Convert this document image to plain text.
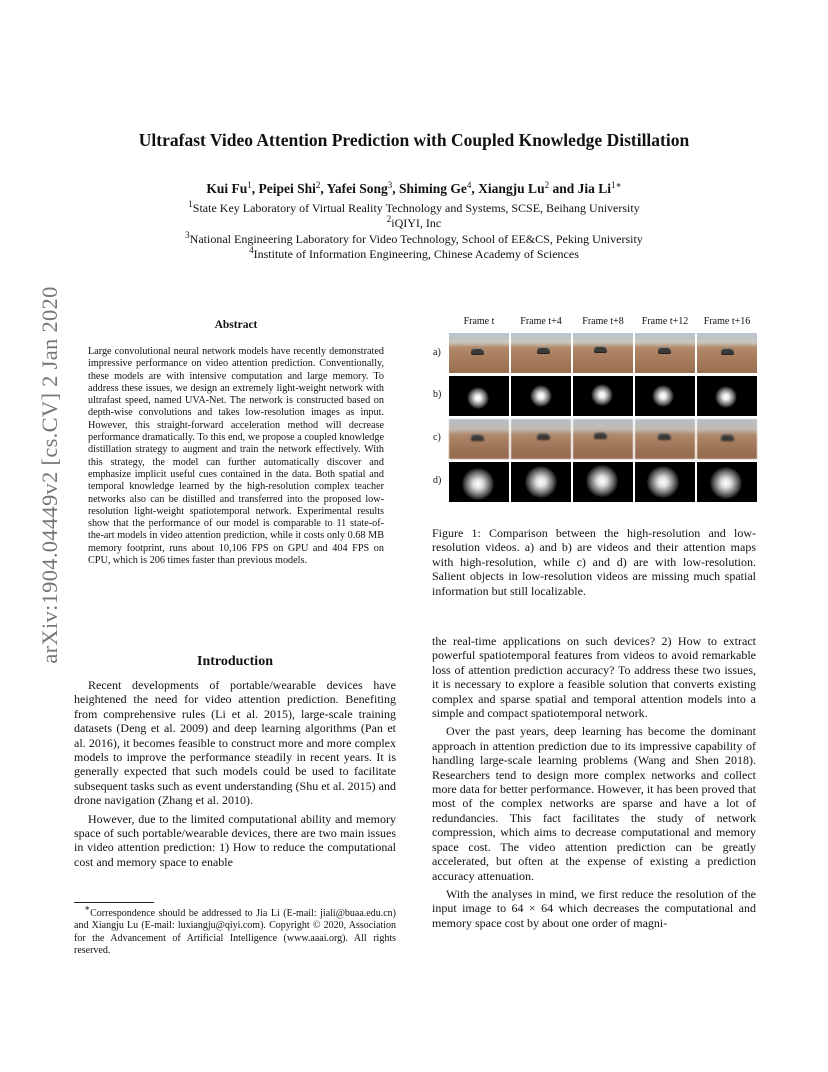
arXiv:1904.04449v2 [cs.CV] 2 Jan 2020
Ultrafast Video Attention Prediction with Coupled Knowledge Distillation
Kui Fu$^1$, Peipei Shi$^2$, Yafei Song$^3$, Shiming Ge$^4$, Xiangju Lu$^2$ and Jia $Li^{1∗}$
$^1$State Key Laboratory of Virtual Reality Technology and Systems, SCSE, Beihang University
$^2$iQIYI, Inc
$^3$National Engineering Laboratory for Video Technology, School of EE&CS, Peking University
$^4$Institute of Information Engineering, Chinese Academy of Sciences
Abstract
Large convolutional neural network models have recently demonstrated impressive performance on video attention prediction. Conventionally, these models are with intensive computation and large memory. To address these issues, we design an extremely light-weight network with ultrafast speed, named UVA-Net. The network is constructed based on depth-wise convolutions and takes low-resolution images as input. However, this straight-forward acceleration method will decrease performance dramatically. To this end, we propose a coupled knowledge distillation strategy to augment and train the network effectively. With this strategy, the model can further automatically discover and emphasize implicit useful cues contained in the data. Both spatial and temporal knowledge learned by the high-resolution complex teacher networks also can be distilled and transferred into the proposed low-resolution light-weight spatiotemporal network. Experimental results show that the performance of our model is comparable to 11 state-of-the-art models in video attention prediction, while it costs only 0.68 MB memory footprint, runs about 10,106 FPS on GPU and 404 FPS on CPU, which is 206 times faster than previous models.
Introduction

Recent developments of portable/wearable devices have heightened the need for video attention prediction. Benefiting from comprehensive rules (Li et al. 2015), large-scale training datasets (Deng et al. 2009) and deep learning algorithms (Pan et al. 2016), it becomes feasible to construct more and more complex models to improve the performance steadily in recent years. It is generally expected that such models could be used to facilitate subsequent tasks such as event understanding (Shu et al. 2015) and drone navigation (Zhang et al. 2010).

However, due to the limited computational ability and memory space of such portable/wearable devices, there are two main issues in video attention prediction: 1) How to reduce the computational cost and memory space to enable

∗Correspondence should be addressed to Jia Li (E-mail: jiali@buaa.edu.cn) and Xiangju Lu (E-mail: luxiangju@qiyi.com). Copyright © 2020, Association for the Advancement of Artificial Intelligence (www.aaai.org). All rights reserved.
Frame t	Frame t+4	Frame t+8	Frame t+12	Frame t+16
a)
b)
c)
d)
Figure 1: Comparison between the high-resolution and low-resolution videos. a) and b) are videos and their attention maps with high-resolution, while c) and d) are with low-resolution. Salient objects in low-resolution videos are missing much spatial information but still localizable.

the real-time applications on such devices? 2) How to extract powerful spatiotemporal features from videos to avoid remarkable loss of attention prediction accuracy? To address these two issues, it is necessary to explore a feasible solution that converts existing complex and sparse spatial and temporal attention models into a simple and compact spatiotemporal network.

Over the past years, deep learning has become the dominant approach in attention prediction due to its impressive capability of handling large-scale learning problems (Wang and Shen 2018). Researchers tend to design more complex networks and collect more data for better performance. However, it has been proved that most of the complex networks are sparse and have a lot of redundancies. This fact facilitates the study of network compression, which aims to decrease computational and memory space cost. The video attention prediction can be greatly accelerated, but often at the expense of existing a prediction accuracy attenuation.

With the analyses in mind, we first reduce the resolution of the input image to 64 × 64 which decreases the computational and memory space cost by about one order of magni-
